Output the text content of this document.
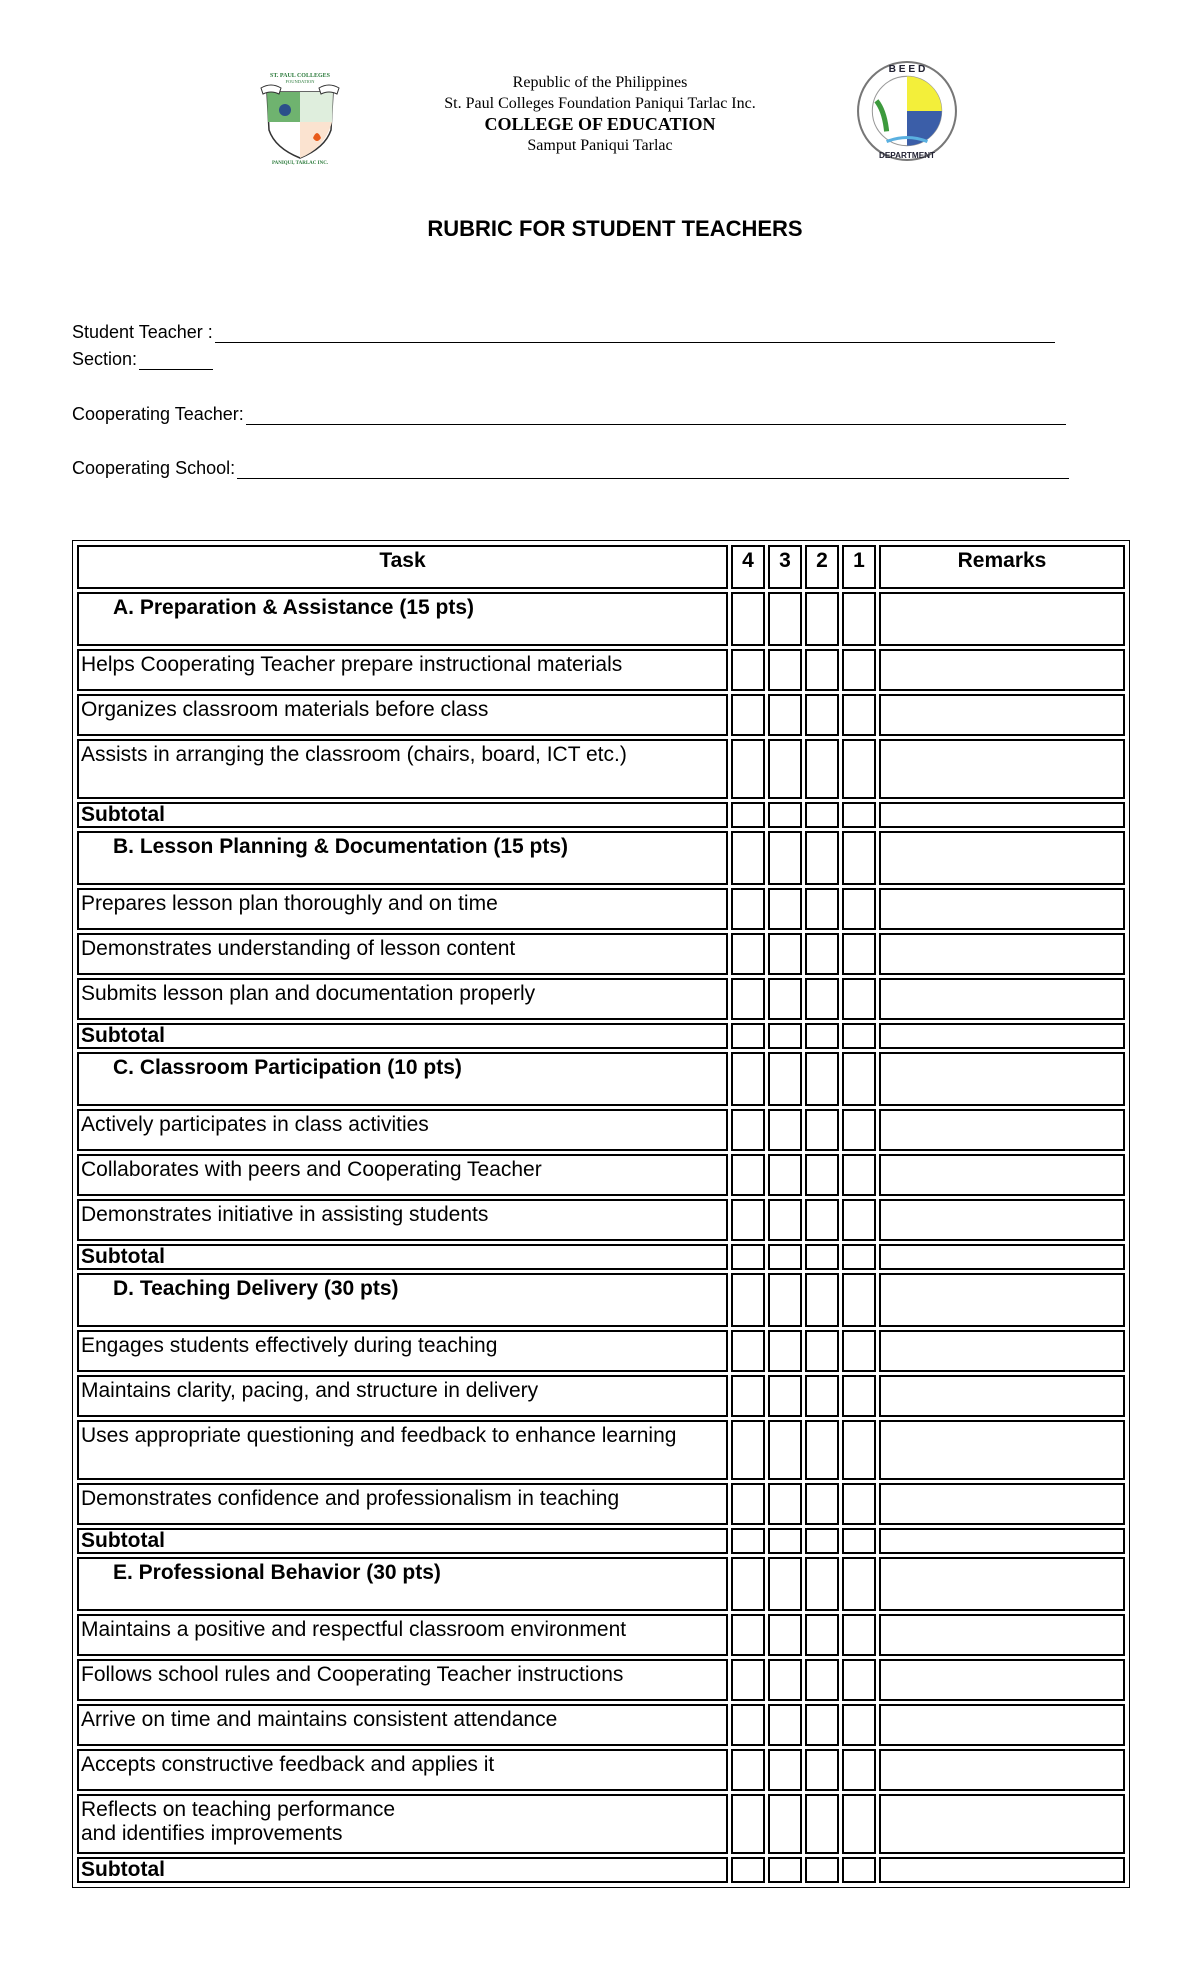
ST. PAUL COLLEGES
FOUNDATION
PANIQUI, TARLAC INC.
Republic of the Philippines
St. Paul Colleges Foundation Paniqui Tarlac Inc.
COLLEGE OF EDUCATION
Samput Paniqui Tarlac
B E E D
DEPARTMENT
RUBRIC FOR STUDENT TEACHERS
Student Teacher :
Section:
Cooperating Teacher:
Cooperating School:
Task	4	3	2	1	Remarks
A. Preparation & Assistance (15 pts)					
Helps Cooperating Teacher prepare instructional materials					
Organizes classroom materials before class					
Assists in arranging the classroom (chairs, board, ICT etc.)					
Subtotal					
B. Lesson Planning & Documentation (15 pts)					
Prepares lesson plan thoroughly and on time					
Demonstrates understanding of lesson content					
Submits lesson plan and documentation properly					
Subtotal					
C. Classroom Participation (10 pts)					
Actively participates in class activities					
Collaborates with peers and Cooperating Teacher					
Demonstrates initiative in assisting students					
Subtotal					
D. Teaching Delivery (30 pts)					
Engages students effectively during teaching					
Maintains clarity, pacing, and structure in delivery					
Uses appropriate questioning and feedback to enhance learning					
Demonstrates confidence and professionalism in teaching					
Subtotal					
E. Professional Behavior (30 pts)					
Maintains a positive and respectful classroom environment					
Follows school rules and Cooperating Teacher instructions					
Arrive on time and maintains consistent attendance					
Accepts constructive feedback and applies it					
Reflects on teaching performance
and identifies improvements					
Subtotal					
